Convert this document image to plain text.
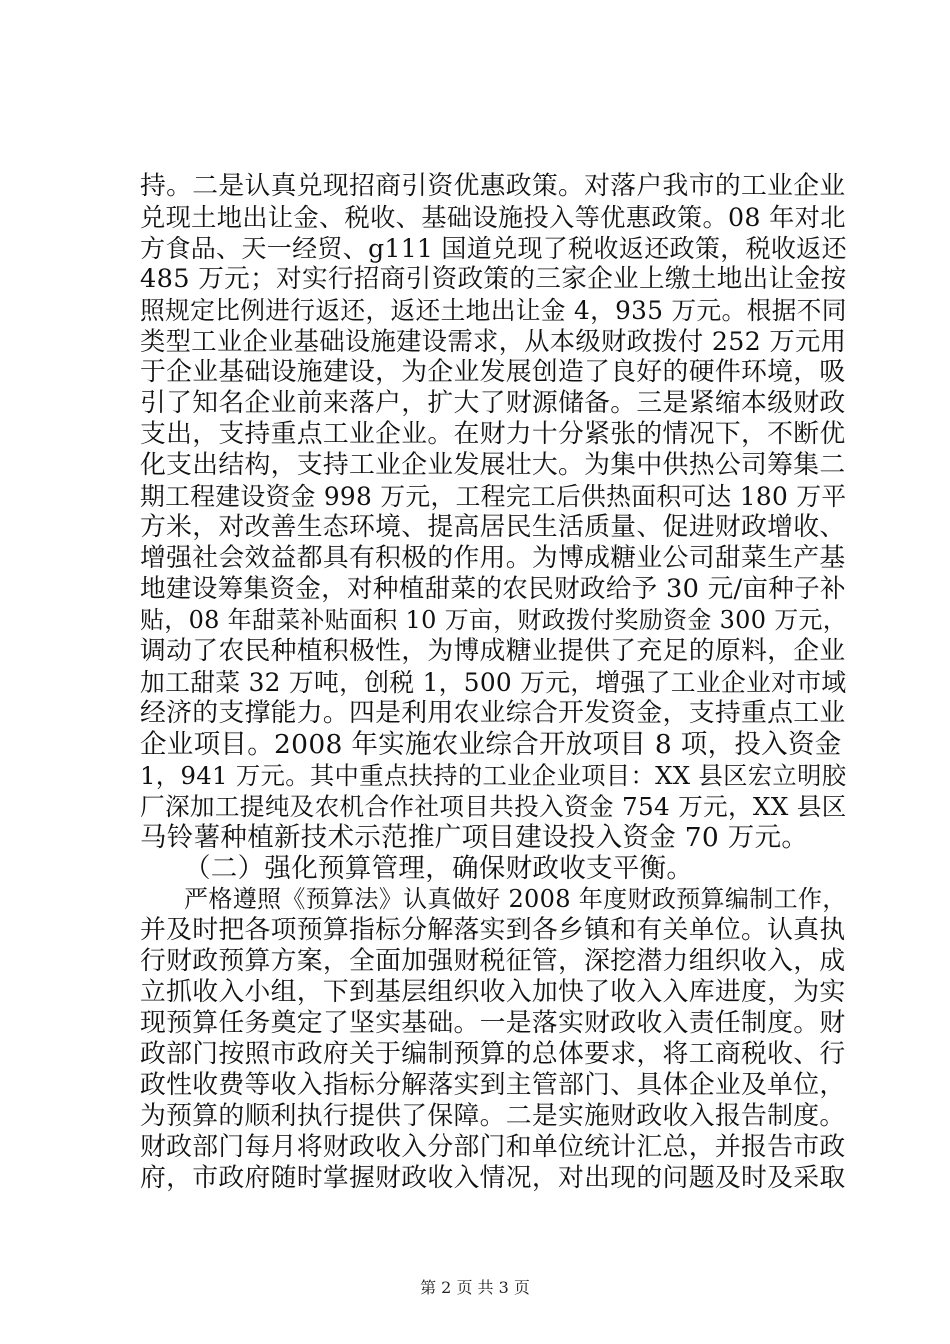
持。二是认真兑现招商引资优惠政策。对落户我市的工业企业
兑现土地出让金、税收、基础设施投入等优惠政策。08 年对北
方食品、天一经贸、g111 国道兑现了税收返还政策，税收返还
485 万元；对实行招商引资政策的三家企业上缴土地出让金按
照规定比例进行返还，返还土地出让金 4，935 万元。根据不同
类型工业企业基础设施建设需求，从本级财政拨付 252 万元用
于企业基础设施建设，为企业发展创造了良好的硬件环境，吸
引了知名企业前来落户，扩大了财源储备。三是紧缩本级财政
支出，支持重点工业企业。在财力十分紧张的情况下，不断优
化支出结构，支持工业企业发展壮大。为集中供热公司筹集二
期工程建设资金 998 万元，工程完工后供热面积可达 180 万平
方米，对改善生态环境、提高居民生活质量、促进财政增收、
增强社会效益都具有积极的作用。为博成糖业公司甜菜生产基
地建设筹集资金，对种植甜菜的农民财政给予 30 元/亩种子补
贴，08 年甜菜补贴面积 10 万亩，财政拨付奖励资金 300 万元，
调动了农民种植积极性，为博成糖业提供了充足的原料，企业
加工甜菜 32 万吨，创税 1，500 万元，增强了工业企业对市域
经济的支撑能力。四是利用农业综合开发资金，支持重点工业
企业项目。2008 年实施农业综合开放项目 8 项，投入资金
1，941 万元。其中重点扶持的工业企业项目：XX 县区宏立明胶
厂深加工提纯及农机合作社项目共投入资金 754 万元，XX 县区
马铃薯种植新技术示范推广项目建设投入资金 70 万元。
（二）强化预算管理，确保财政收支平衡。
严格遵照《预算法》认真做好 2008 年度财政预算编制工作，
并及时把各项预算指标分解落实到各乡镇和有关单位。认真执
行财政预算方案，全面加强财税征管，深挖潜力组织收入，成
立抓收入小组，下到基层组织收入加快了收入入库进度，为实
现预算任务奠定了坚实基础。一是落实财政收入责任制度。财
政部门按照市政府关于编制预算的总体要求，将工商税收、行
政性收费等收入指标分解落实到主管部门、具体企业及单位，
为预算的顺利执行提供了保障。二是实施财政收入报告制度。
财政部门每月将财政收入分部门和单位统计汇总，并报告市政
府，市政府随时掌握财政收入情况，对出现的问题及时及采取
第 2 页 共 3 页
